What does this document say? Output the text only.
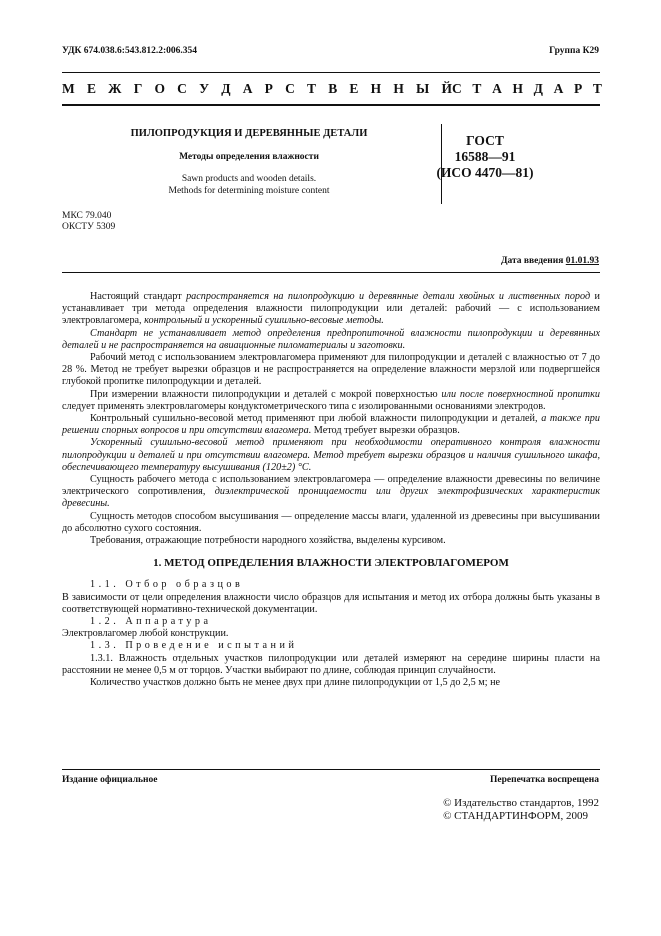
УДК 674.038.6:543.812.2:006.354	Группа К29
М Е Ж Г О С У Д А Р С Т В Е Н Н Ы Й С Т А Н Д А Р Т
ПИЛОПРОДУКЦИЯ И ДЕРЕВЯННЫЕ ДЕТАЛИ
Методы определения влажности
Sawn products and wooden details.
Methods for determining moisture content
ГОСТ
16588—91
(ИСО 4470—81)
МКС 79.040
ОКСТУ 5309
Дата введения 01.01.93

Настоящий стандарт распространяется на пилопродукцию и деревянные детали хвойных и лиственных пород и устанавливает три метода определения влажности пилопродукции или деталей: рабочий — с использованием электровлагомера, контрольный и ускоренный сушильно-весовые методы.

Стандарт не устанавливает метод определения предпропиточной влажности пилопродукции и деревянных деталей и не распространяется на авиационные пиломатериалы и заготовки.

Рабочий метод с использованием электровлагомера применяют для пилопродукции и деталей с влажностью от 7 до 28 %. Метод не требует вырезки образцов и не распространяется на определение влажности мерзлой или подвергшейся глубокой пропитке пилопродукции и деталей.

При измерении влажности пилопродукции и деталей с мокрой поверхностью или после поверхностной пропитки следует применять электровлагомеры кондуктометрического типа с изолированными основаниями электродов.

Контрольный сушильно-весовой метод применяют при любой влажности пилопродукции и деталей, а также при решении спорных вопросов и при отсутствии влагомера. Метод требует вырезки образцов.

Ускоренный сушильно-весовой метод применяют при необходимости оперативного контроля влажности пилопродукции и деталей и при отсутствии влагомера. Метод требует вырезки образцов и наличия сушильного шкафа, обеспечивающего температуру высушивания (120±2) °С.

Сущность рабочего метода с использованием электровлагомера — определение влажности древесины по величине электрического сопротивления, диэлектрической проницаемости или других электрофизических характеристик древесины.

Сущность методов способом высушивания — определение массы влаги, удаленной из древесины при высушивании до абсолютно сухого состояния.

Требования, отражающие потребности народного хозяйства, выделены курсивом.

1. МЕТОД ОПРЕДЕЛЕНИЯ ВЛАЖНОСТИ ЭЛЕКТРОВЛАГОМЕРОМ

1.1. Отбор образцов

В зависимости от цели определения влажности число образцов для испытания и метод их отбора должны быть указаны в соответствующей нормативно-технической документации.

1.2. Аппаратура

Электровлагомер любой конструкции.

1.3. Проведение испытаний

1.3.1. Влажность отдельных участков пилопродукции или деталей измеряют на середине ширины пласти на расстоянии не менее 0,5 м от торцов. Участки выбирают по длине, соблюдая принцип случайности.

Количество участков должно быть не менее двух при длине пилопродукции от 1,5 до 2,5 м; не

Издание официальное	Перепечатка воспрещена
© Издательство стандартов, 1992
© СТАНДАРТИНФОРМ, 2009
